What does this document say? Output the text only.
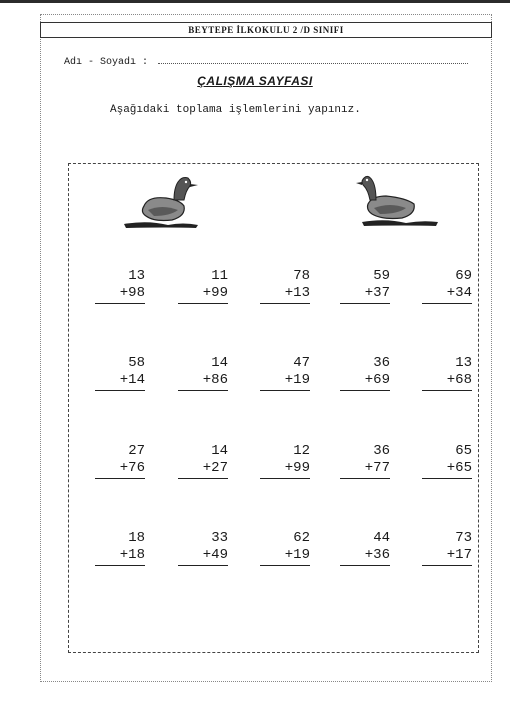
BEYTEPE İLKOKULU 2 /D SINIFI
Adı - Soyadı :
ÇALIŞMA SAYFASI
Aşağıdaki toplama işlemlerini yapınız.
13
+98
11
+99
78
+13
59
+37
69
+34
58
+14
14
+86
47
+19
36
+69
13
+68
27
+76
14
+27
12
+99
36
+77
65
+65
18
+18
33
+49
62
+19
44
+36
73
+17
